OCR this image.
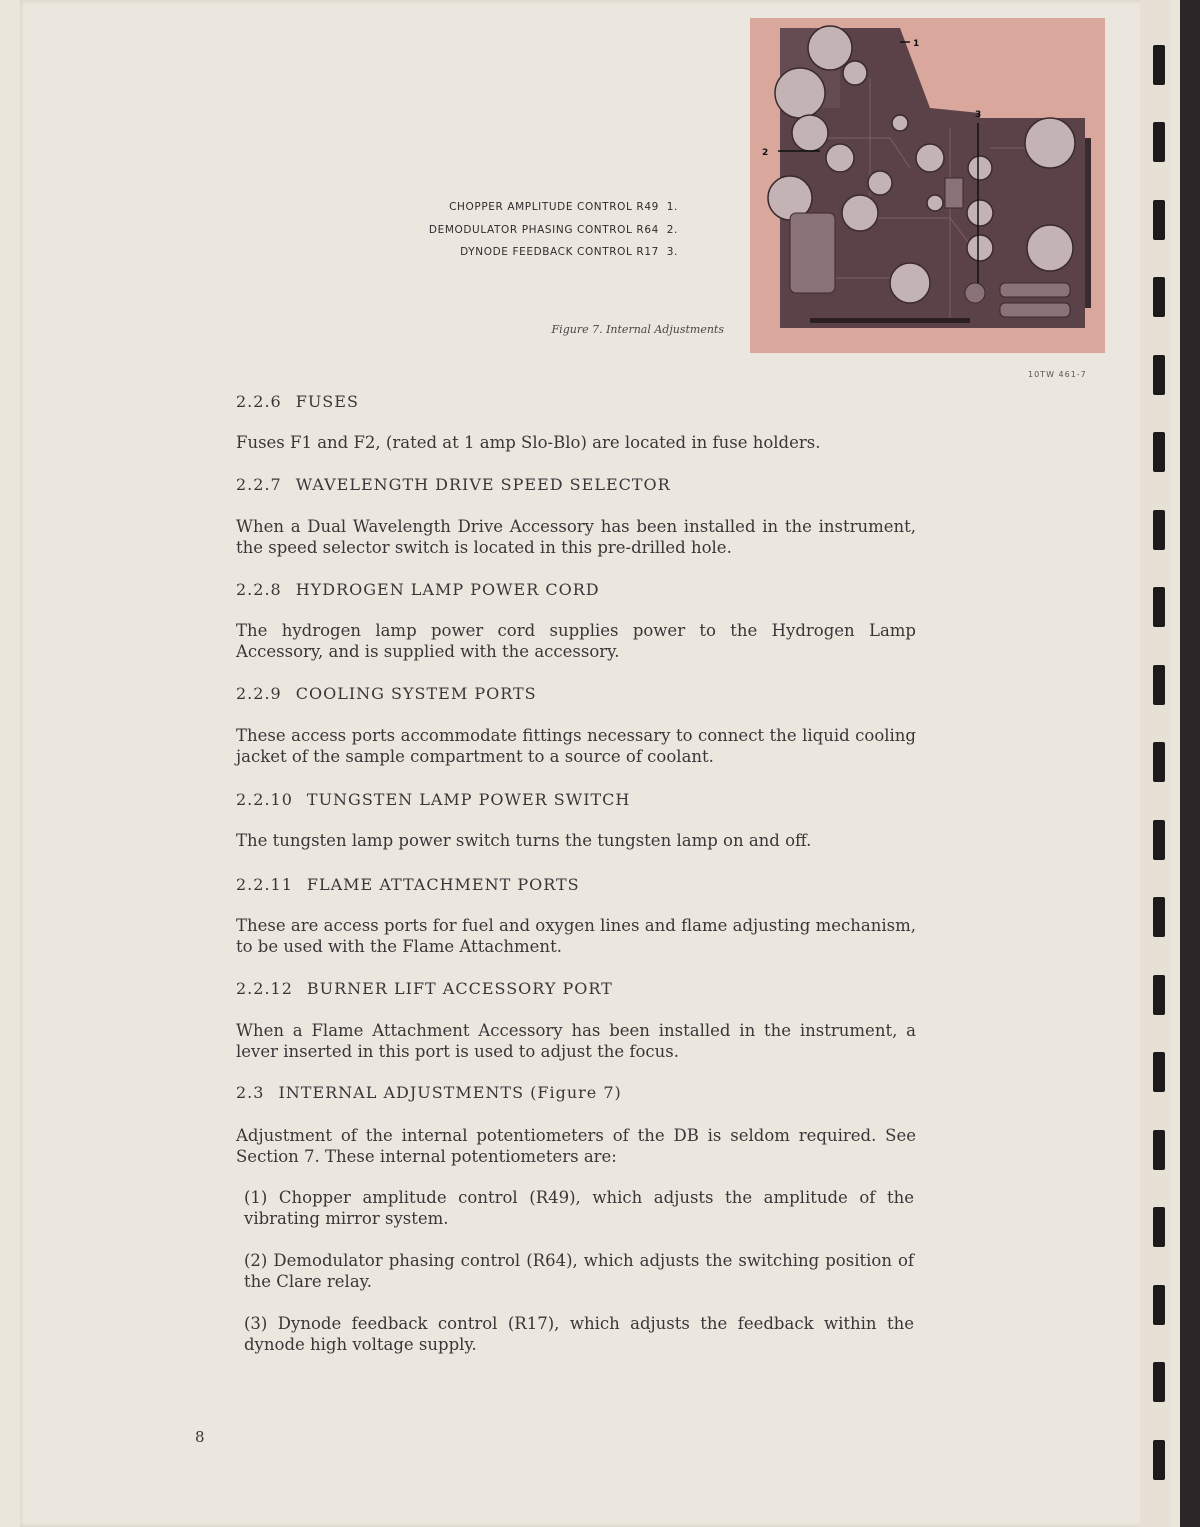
CHOPPER AMPLITUDE CONTROL R49 1.
DEMODULATOR PHASING CONTROL R64 2.
DYNODE FEEDBACK CONTROL R17 3.
Figure 7. Internal Adjustments
1
2
3
10TW 461-7
2.2.6 FUSES
Fuses F1 and F2, (rated at 1 amp Slo-Blo) are located in fuse holders.
2.2.7 WAVELENGTH DRIVE SPEED SELECTOR
When a Dual Wavelength Drive Accessory has been installed in the instrument, the speed selector switch is located in this pre-drilled hole.
2.2.8 HYDROGEN LAMP POWER CORD
The hydrogen lamp power cord supplies power to the Hydrogen Lamp Accessory, and is supplied with the accessory.
2.2.9 COOLING SYSTEM PORTS
These access ports accommodate fittings necessary to connect the liquid cooling jacket of the sample compartment to a source of coolant.
2.2.10 TUNGSTEN LAMP POWER SWITCH
The tungsten lamp power switch turns the tungsten lamp on and off.
2.2.11 FLAME ATTACHMENT PORTS
These are access ports for fuel and oxygen lines and flame adjusting mechanism, to be used with the Flame Attachment.
2.2.12 BURNER LIFT ACCESSORY PORT
When a Flame Attachment Accessory has been installed in the instrument, a lever inserted in this port is used to adjust the focus.
2.3 INTERNAL ADJUSTMENTS (Figure 7)
Adjustment of the internal potentiometers of the DB is seldom required. See Section 7. These internal potentiometers are:
(1) Chopper amplitude control (R49), which adjusts the amplitude of the vibrating mirror system.
(2) Demodulator phasing control (R64), which adjusts the switching position of the Clare relay.
(3) Dynode feedback control (R17), which adjusts the feedback within the dynode high voltage supply.
8
